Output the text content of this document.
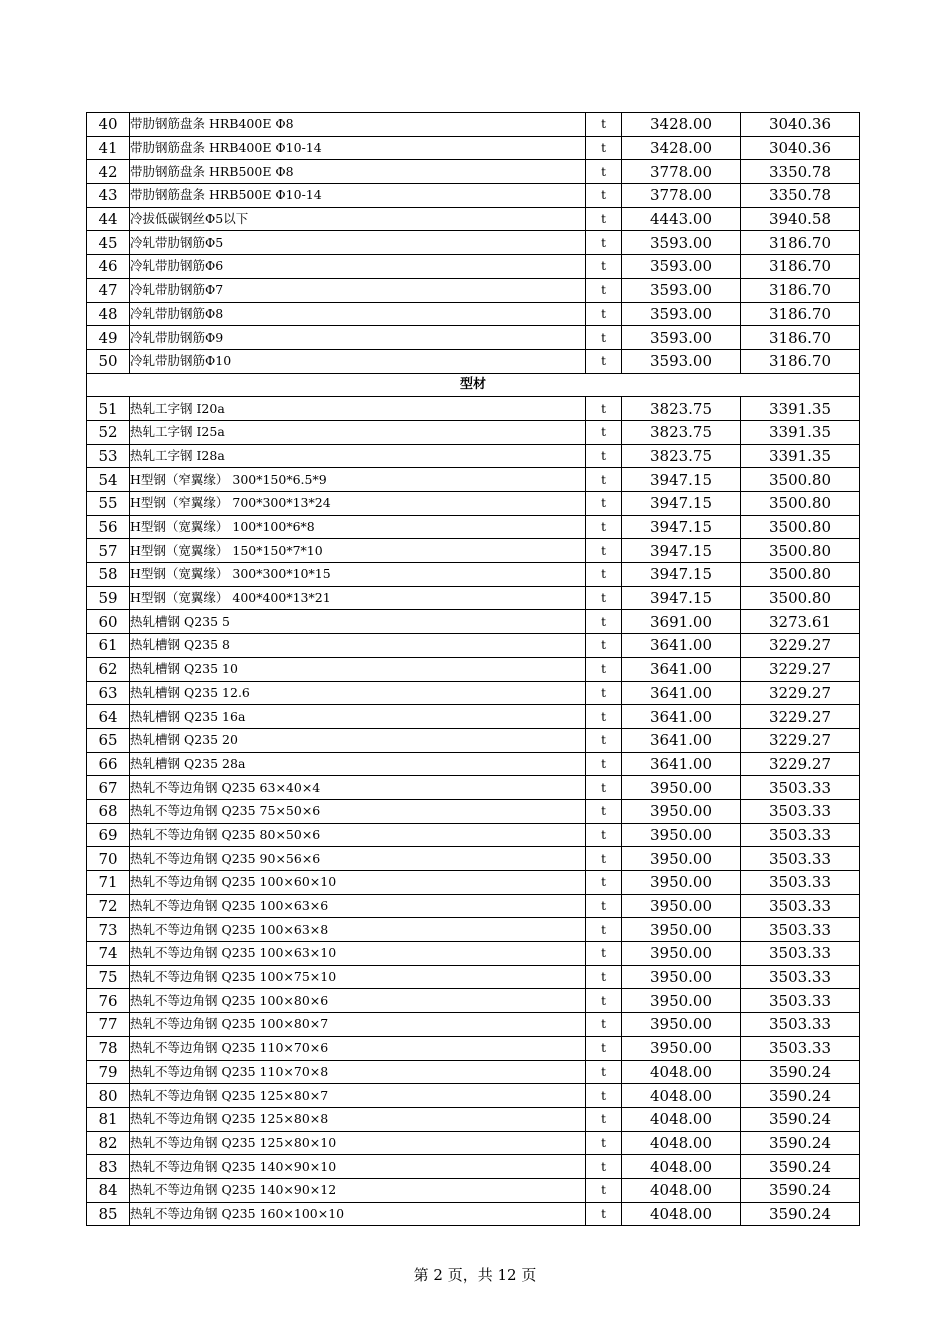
40	带肋钢筋盘条 HRB400E Φ8	t	3428.00	3040.36
41	带肋钢筋盘条 HRB400E Φ10-14	t	3428.00	3040.36
42	带肋钢筋盘条 HRB500E Φ8	t	3778.00	3350.78
43	带肋钢筋盘条 HRB500E Φ10-14	t	3778.00	3350.78
44	冷拔低碳钢丝Φ5以下	t	4443.00	3940.58
45	冷轧带肋钢筋Φ5	t	3593.00	3186.70
46	冷轧带肋钢筋Φ6	t	3593.00	3186.70
47	冷轧带肋钢筋Φ7	t	3593.00	3186.70
48	冷轧带肋钢筋Φ8	t	3593.00	3186.70
49	冷轧带肋钢筋Φ9	t	3593.00	3186.70
50	冷轧带肋钢筋Φ10	t	3593.00	3186.70
型材				
51	热轧工字钢 I20a	t	3823.75	3391.35
52	热轧工字钢 I25a	t	3823.75	3391.35
53	热轧工字钢 I28a	t	3823.75	3391.35
54	H型钢（窄翼缘） 300*150*6.5*9	t	3947.15	3500.80
55	H型钢（窄翼缘） 700*300*13*24	t	3947.15	3500.80
56	H型钢（宽翼缘） 100*100*6*8	t	3947.15	3500.80
57	H型钢（宽翼缘） 150*150*7*10	t	3947.15	3500.80
58	H型钢（宽翼缘） 300*300*10*15	t	3947.15	3500.80
59	H型钢（宽翼缘） 400*400*13*21	t	3947.15	3500.80
60	热轧槽钢 Q235 5	t	3691.00	3273.61
61	热轧槽钢 Q235 8	t	3641.00	3229.27
62	热轧槽钢 Q235 10	t	3641.00	3229.27
63	热轧槽钢 Q235 12.6	t	3641.00	3229.27
64	热轧槽钢 Q235 16a	t	3641.00	3229.27
65	热轧槽钢 Q235 20	t	3641.00	3229.27
66	热轧槽钢 Q235 28a	t	3641.00	3229.27
67	热轧不等边角钢 Q235 63×40×4	t	3950.00	3503.33
68	热轧不等边角钢 Q235 75×50×6	t	3950.00	3503.33
69	热轧不等边角钢 Q235 80×50×6	t	3950.00	3503.33
70	热轧不等边角钢 Q235 90×56×6	t	3950.00	3503.33
71	热轧不等边角钢 Q235 100×60×10	t	3950.00	3503.33
72	热轧不等边角钢 Q235 100×63×6	t	3950.00	3503.33
73	热轧不等边角钢 Q235 100×63×8	t	3950.00	3503.33
74	热轧不等边角钢 Q235 100×63×10	t	3950.00	3503.33
75	热轧不等边角钢 Q235 100×75×10	t	3950.00	3503.33
76	热轧不等边角钢 Q235 100×80×6	t	3950.00	3503.33
77	热轧不等边角钢 Q235 100×80×7	t	3950.00	3503.33
78	热轧不等边角钢 Q235 110×70×6	t	3950.00	3503.33
79	热轧不等边角钢 Q235 110×70×8	t	4048.00	3590.24
80	热轧不等边角钢 Q235 125×80×7	t	4048.00	3590.24
81	热轧不等边角钢 Q235 125×80×8	t	4048.00	3590.24
82	热轧不等边角钢 Q235 125×80×10	t	4048.00	3590.24
83	热轧不等边角钢 Q235 140×90×10	t	4048.00	3590.24
84	热轧不等边角钢 Q235 140×90×12	t	4048.00	3590.24
85	热轧不等边角钢 Q235 160×100×10	t	4048.00	3590.24
第 2 页，共 12 页
